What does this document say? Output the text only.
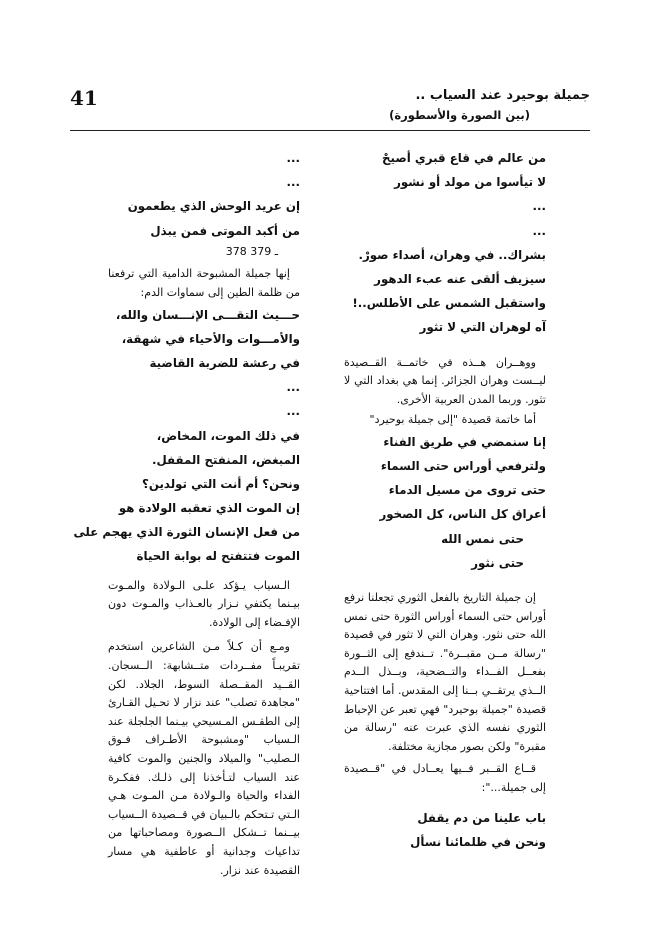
41	جميلة بوحيرد عند السياب ..
(بين الصورة والأسطورة)
من عالم في قاع قبري أصيحْ
لا تيأسوا من مولد أو نشور
...
...
بشراك.. في وهران، أصداء صورْ.
سيزيف ألقى عنه عبء الدهور
واستقبل الشمس على الأطلس..!
آه لوهران التي لا تثور

ووهــران هــذه في خاتمــة القــصيدة ليــست وهران الجزائر. إنما هي بغداد التي لا تثور. وربما المدن العربية الأخرى.

أما خاتمة قصيدة "إلى جميلة بوحيرد"

إنا سنمضي في طريق الفناء
ولترفعي أوراس حتى السماء
حتى تروى من مسيل الدماء
أعراق كل الناس، كل الصخور
حتى نمس الله
حتى نثور

إن جميلة التاريخ بالفعل الثوري تجعلنا نرفع أوراس حتى السماء أوراس الثورة حتى نمس الله حتى نثور. وهران التي لا تثور في قصيدة "رسالة مــن مقبــرة". تــندفع إلى الثــورة بفعــل الفــداء والتــضحية، وبــذل الــدم الــذي يرتقــي بــنا إلى المقدس. أما افتتاحية قصيدة "جميلة بوحيرد" فهي تعبر عن الإحباط الثوري نفسه الذي عبرت عنه "رسالة من مقبرة" ولكن بصور مجازية مختلفة.

قــاع القــبر فــيها يعــادل في "قــصيدة إلى جميلة...":

باب علينا من دم يقفل
ونحن في ظلمائنا نسأل
...
...
إن عريد الوحش الذي يطعمون
من أكبد الموتى فمن يبذل
378 ـ 379

إنها جميلة المشبوحة الدامية التي ترفعنا من ظلمة الطين إلى سماوات الدم:

حـــيث التقـــى الإنـــسان والله، والأمـــوات والأحياء في شهقة،
في رعشة للضربة القاضية
...
...
في ذلك الموت، المخاض، المبغض، المنفتح المقفل.
ونحن؟ أم أنت التي تولدين؟
إن الموت الذي تعقبه الولادة هو
من فعل الإنسان الثورة الذي يهجم على
الموت فتتفتح له بوابة الحياة

الـسياب يـؤكد علـى الـولادة والمـوت بيـنما يكتفي نـزار بالعـذاب والمـوت دون الإفـضاء إلى الولادة.

ومـع أن كـلاً مـن الشاعرين استخدم تقريبـاً مفــردات متــشابهة: الــسجان. القــيد المقــصلة السوط، الجلاد. لكن "مجاهدة تصلب" عند نزار لا تحـيل القـارئ إلى الطقـس المـسيحي بيـنما الجلجلة عند الـسياب "ومشبوحة الأطـراف فـوق الـصليب" والميلاد والجنين والموت كافية عند السياب لتـأخذنا إلى ذلـك. ففكـرة الفداء والحياة والـولادة مـن المـوت هـي الـتي تـتحكم بالـبيان في قــصيدة الــسياب بيــنما تــشكل الــصورة ومصاحباتها من تداعيات وجدانية أو عاطفية هي مسار القصيدة عند نزار.
